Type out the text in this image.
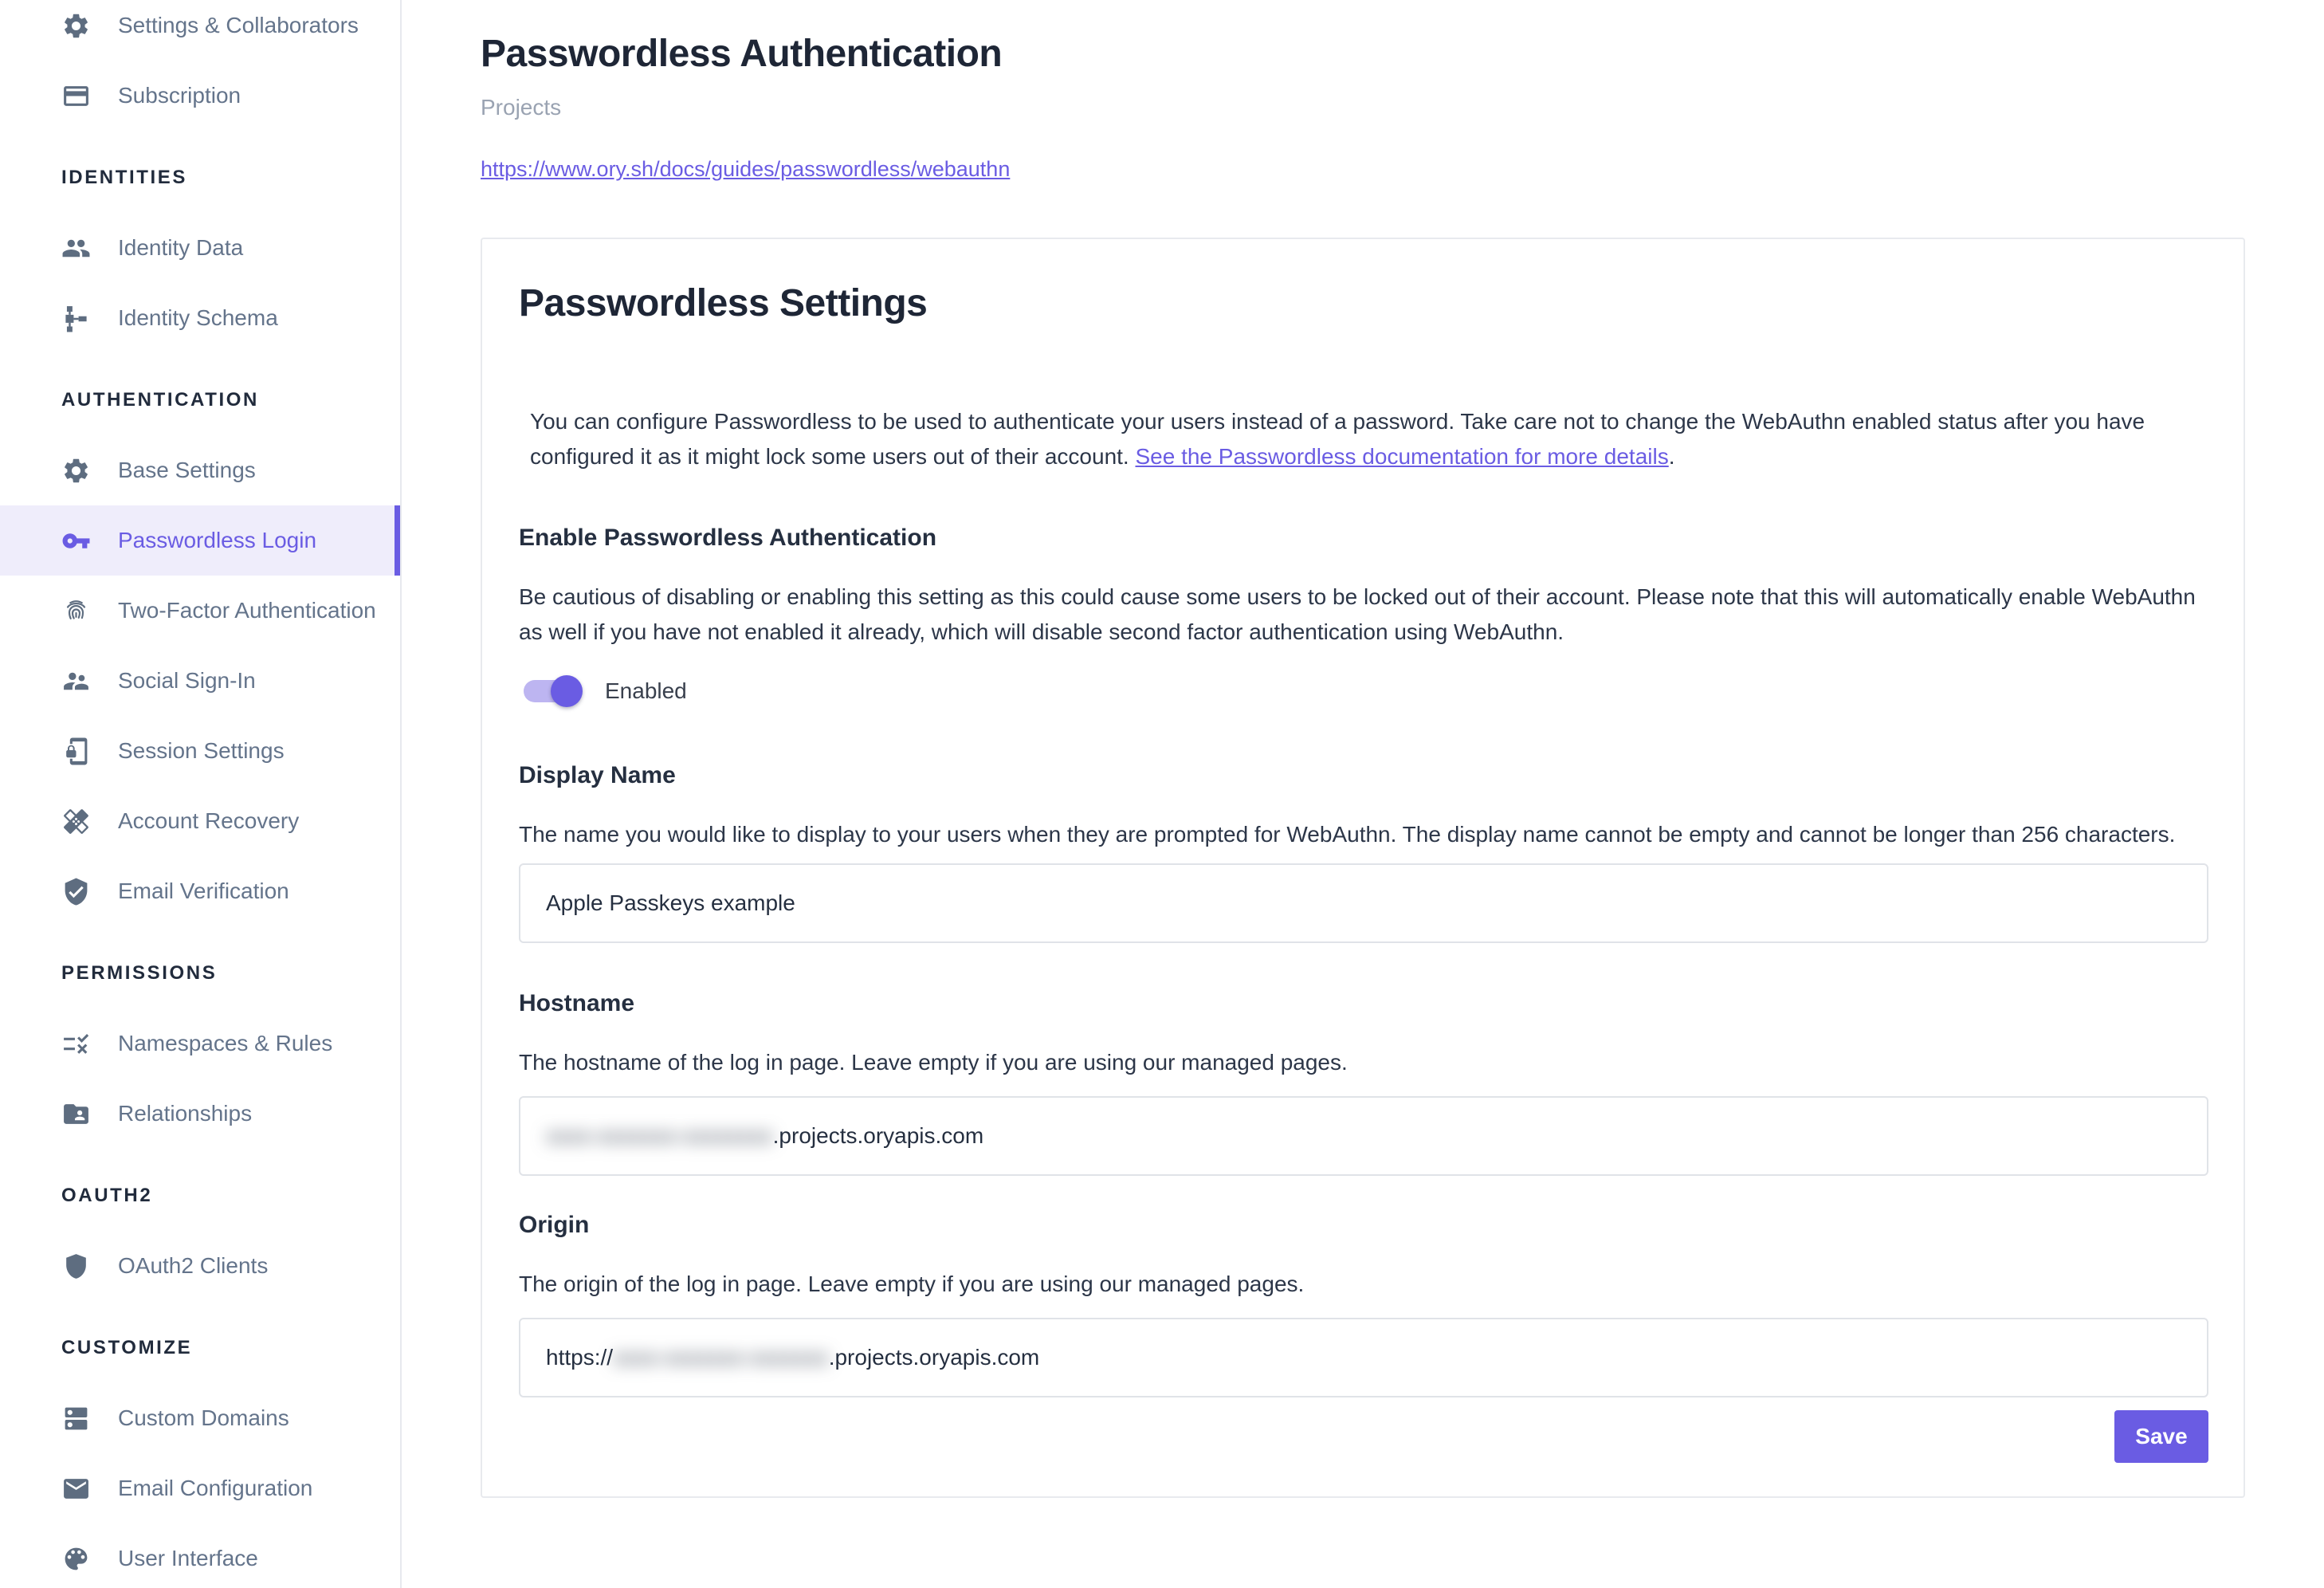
Settings & Collaborators
Subscription
IDENTITIES
Identity Data
Identity Schema
AUTHENTICATION
Base Settings
Passwordless Login
Two-Factor Authentication
Social Sign-In
Session Settings
Account Recovery
Email Verification
PERMISSIONS
Namespaces & Rules
Relationships
OAUTH2
OAuth2 Clients
CUSTOMIZE
Custom Domains
Email Configuration
User Interface
Passwordless Authentication
Projects
https://www.ory.sh/docs/guides/passwordless/webauthn
Passwordless Settings

You can configure Passwordless to be used to authenticate your users instead of a password. Take care not to change the WebAuthn enabled status after you have configured it as it might lock some users out of their account. See the Passwordless documentation for more details.

Enable Passwordless Authentication

Be cautious of disabling or enabling this setting as this could cause some users to be locked out of their account. Please note that this will automatically enable WebAuthn as well if you have not enabled it already, which will disable second factor authentication using WebAuthn.

Enabled
Display Name

The name you would like to display to your users when they are prompted for WebAuthn. The display name cannot be empty and cannot be longer than 256 characters.

Apple Passkeys example
Hostname

The hostname of the log in page. Leave empty if you are using our managed pages.

xxxx-xxxxxxx-xxxxxxxx .projects.oryapis.com
Origin

The origin of the log in page. Leave empty if you are using our managed pages.

https:// xxxx-xxxxxxx-xxxxxxx .projects.oryapis.com
Save
